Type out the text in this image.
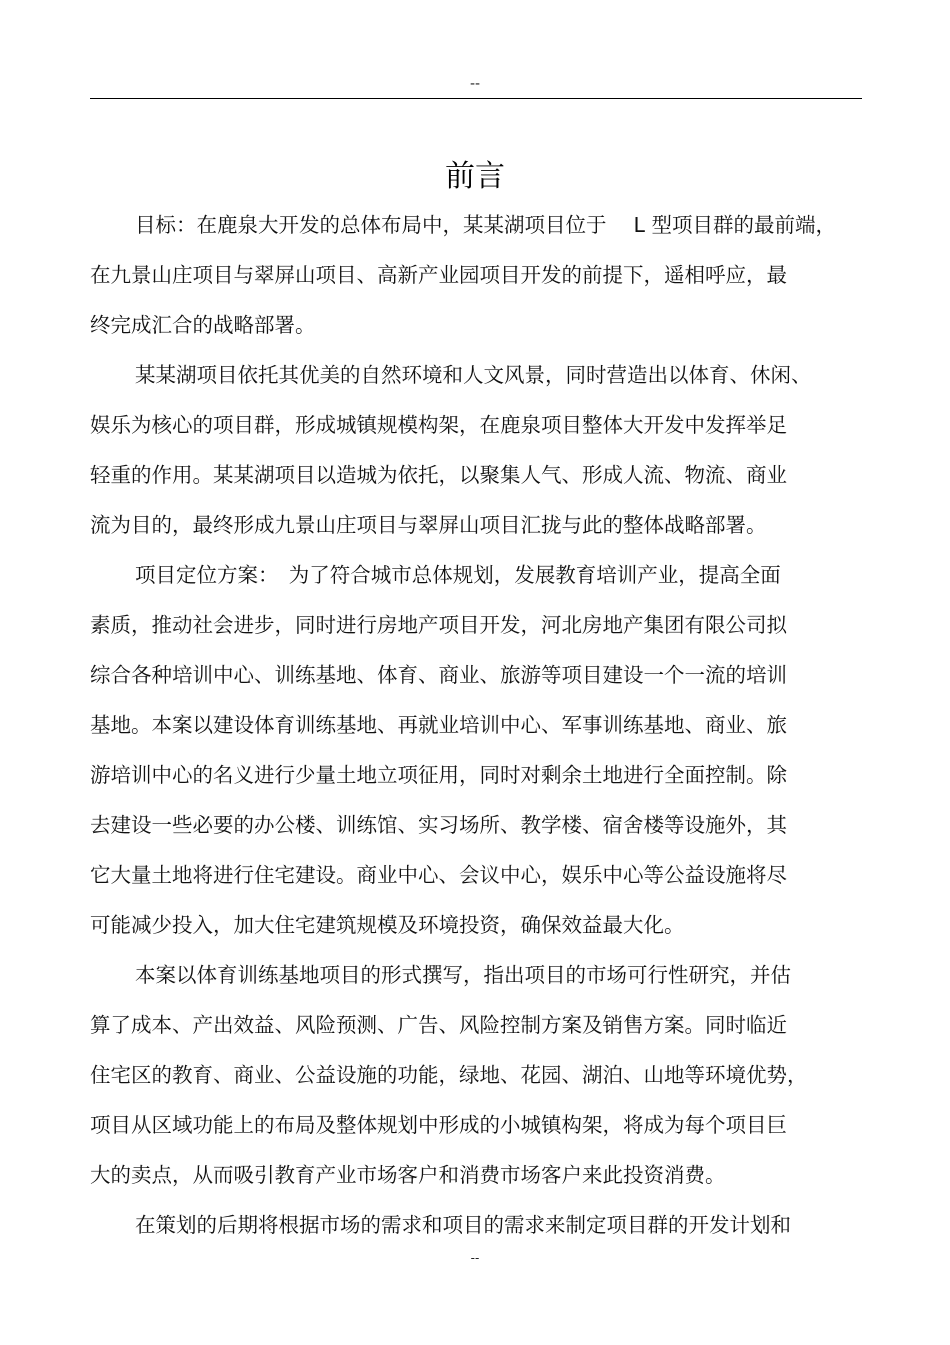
--
前言
目标：在鹿泉大开发的总体布局中，某某湖项目位于　 L 型项目群的最前端，
在九景山庄项目与翠屏山项目、高新产业园项目开发的前提下，遥相呼应，最
终完成汇合的战略部署。
某某湖项目依托其优美的自然环境和人文风景，同时营造出以体育、休闲、
娱乐为核心的项目群，形成城镇规模构架，在鹿泉项目整体大开发中发挥举足
轻重的作用。某某湖项目以造城为依托，以聚集人气、形成人流、物流、商业
流为目的，最终形成九景山庄项目与翠屏山项目汇拢与此的整体战略部署。
项目定位方案：　为了符合城市总体规划，发展教育培训产业，提高全面
素质，推动社会进步，同时进行房地产项目开发，河北房地产集团有限公司拟
综合各种培训中心、训练基地、体育、商业、旅游等项目建设一个一流的培训
基地。本案以建设体育训练基地、再就业培训中心、军事训练基地、商业、旅
游培训中心的名义进行少量土地立项征用，同时对剩余土地进行全面控制。除
去建设一些必要的办公楼、训练馆、实习场所、教学楼、宿舍楼等设施外，其
它大量土地将进行住宅建设。商业中心、会议中心，娱乐中心等公益设施将尽
可能减少投入，加大住宅建筑规模及环境投资，确保效益最大化。
本案以体育训练基地项目的形式撰写，指出项目的市场可行性研究，并估
算了成本、产出效益、风险预测、广告、风险控制方案及销售方案。同时临近
住宅区的教育、商业、公益设施的功能，绿地、花园、湖泊、山地等环境优势，
项目从区域功能上的布局及整体规划中形成的小城镇构架，将成为每个项目巨
大的卖点，从而吸引教育产业市场客户和消费市场客户来此投资消费。
在策划的后期将根据市场的需求和项目的需求来制定项目群的开发计划和
--
